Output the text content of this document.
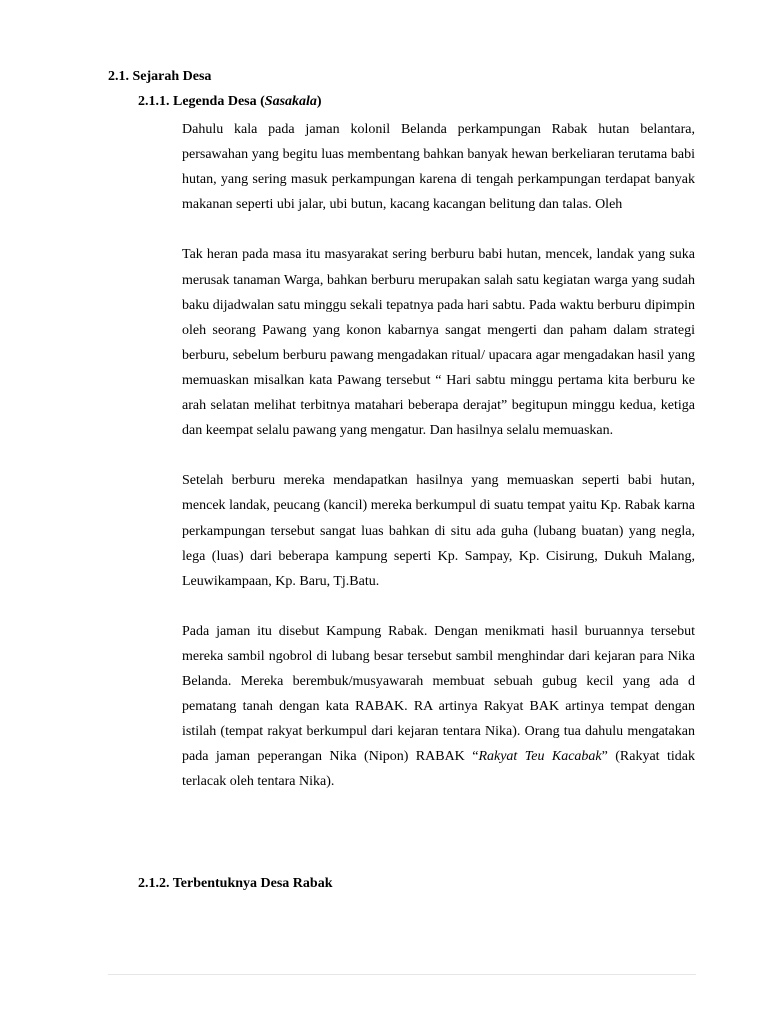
2.1. Sejarah Desa
2.1.1. Legenda Desa (Sasakala)

Dahulu kala pada jaman kolonil Belanda perkampungan Rabak hutan belantara, persawahan yang begitu luas membentang bahkan banyak hewan berkeliaran terutama babi hutan, yang sering masuk perkampungan karena di tengah perkampungan terdapat banyak makanan seperti ubi jalar, ubi butun, kacang kacangan belitung dan talas. Oleh

Tak heran pada masa itu masyarakat sering berburu babi hutan, mencek, landak yang suka merusak tanaman Warga, bahkan berburu merupakan salah satu kegiatan warga yang sudah baku dijadwalan satu minggu sekali tepatnya pada hari sabtu. Pada waktu berburu dipimpin oleh seorang Pawang yang konon kabarnya sangat mengerti dan paham dalam strategi berburu, sebelum berburu pawang mengadakan ritual/ upacara agar mengadakan hasil yang memuaskan misalkan kata Pawang tersebut “ Hari sabtu minggu pertama kita berburu ke arah selatan melihat terbitnya matahari beberapa derajat” begitupun minggu kedua, ketiga dan keempat selalu pawang yang mengatur. Dan hasilnya selalu memuaskan.

Setelah berburu mereka mendapatkan hasilnya yang memuaskan seperti babi hutan, mencek landak, peucang (kancil) mereka berkumpul di suatu tempat yaitu Kp. Rabak karna perkampungan tersebut sangat luas bahkan di situ ada guha (lubang buatan) yang negla, lega (luas) dari beberapa kampung seperti Kp. Sampay, Kp. Cisirung, Dukuh Malang, Leuwikampaan, Kp. Baru, Tj.Batu.

Pada jaman itu disebut Kampung Rabak. Dengan menikmati hasil buruannya tersebut mereka sambil ngobrol di lubang besar tersebut sambil menghindar dari kejaran para Nika Belanda. Mereka berembuk/musyawarah membuat sebuah gubug kecil yang ada d pematang tanah dengan kata RABAK. RA artinya Rakyat BAK artinya tempat dengan istilah (tempat rakyat berkumpul dari kejaran tentara Nika). Orang tua dahulu mengatakan pada jaman peperangan Nika (Nipon) RABAK “Rakyat Teu Kacabak” (Rakyat tidak terlacak oleh tentara Nika).

2.1.2. Terbentuknya Desa Rabak
